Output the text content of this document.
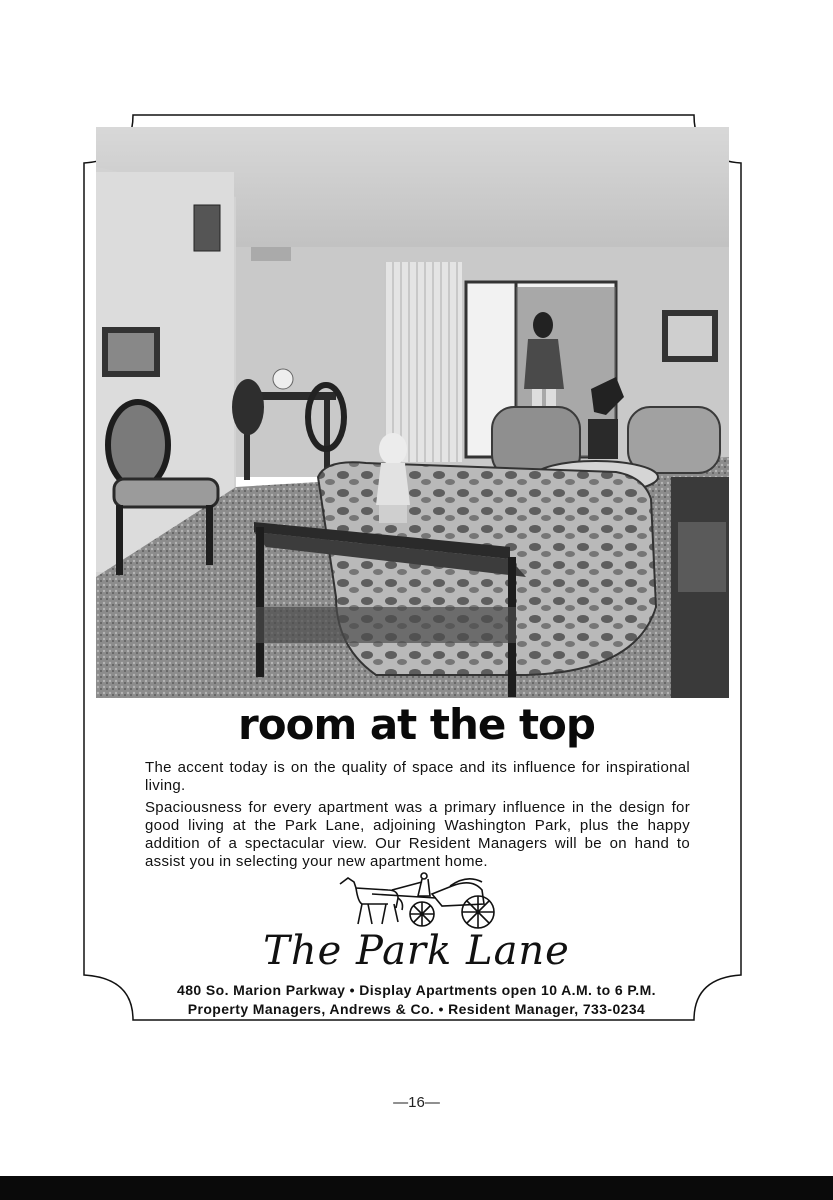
room at the top
The accent today is on the quality of space and its influence for inspirational living.
Spaciousness for every apartment was a primary influence in the design for good living at the Park Lane, adjoining Washington Park, plus the happy addition of a spectacular view. Our Resident Managers will be on hand to assist you in selecting your new apartment home.
The Park Lane
480 So. Marion Parkway • Display Apartments open 10 A.M. to 6 P.M.
Property Managers, Andrews & Co. • Resident Manager, 733-0234
—16—
